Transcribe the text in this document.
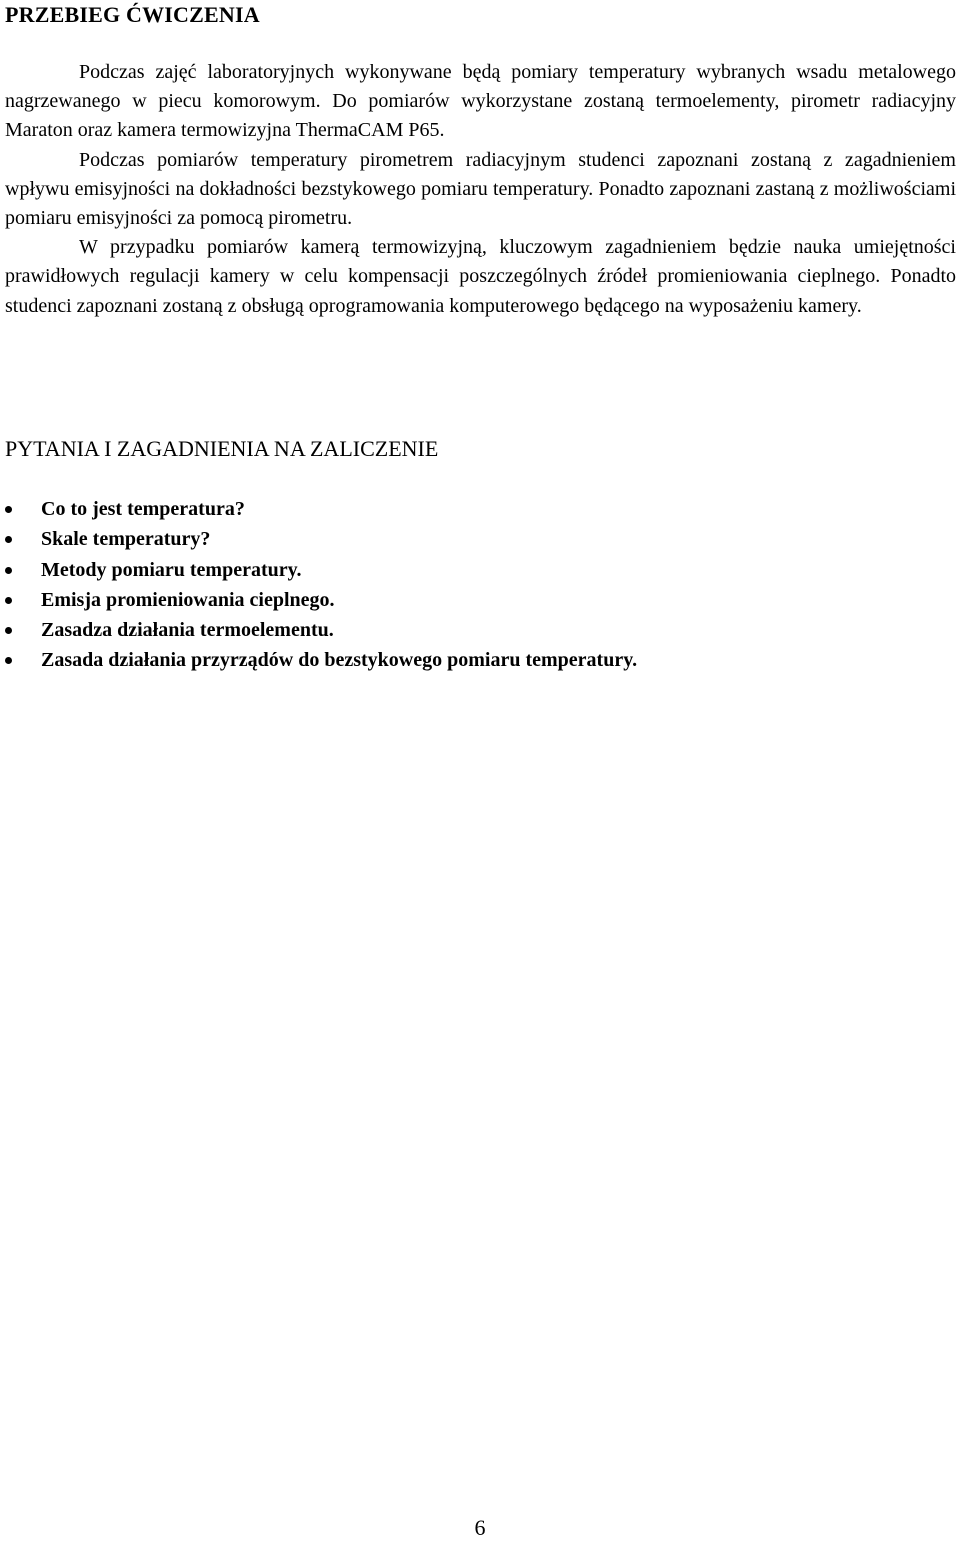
PRZEBIEG ĆWICZENIA

Podczas zajęć laboratoryjnych wykonywane będą pomiary temperatury wybranych wsadu metalowego nagrzewanego w piecu komorowym. Do pomiarów wykorzystane zostaną termoelementy, pirometr radiacyjny Maraton oraz kamera termowizyjna ThermaCAM P65.

Podczas pomiarów temperatury pirometrem radiacyjnym studenci zapoznani zostaną z zagadnieniem wpływu emisyjności na dokładności bezstykowego pomiaru temperatury. Ponadto zapoznani zastaną z możliwościami pomiaru emisyjności za pomocą pirometru.

W przypadku pomiarów kamerą termowizyjną, kluczowym zagadnieniem będzie nauka umiejętności prawidłowych regulacji kamery w celu kompensacji poszczególnych źródeł promieniowania cieplnego. Ponadto studenci zapoznani zostaną z obsługą oprogramowania komputerowego będącego na wyposażeniu kamery.

PYTANIA I ZAGADNIENIA NA ZALICZENIE
Co to jest temperatura?
Skale temperatury?
Metody pomiaru temperatury.
Emisja promieniowania cieplnego.
Zasadza działania termoelementu.
Zasada działania przyrządów do bezstykowego pomiaru temperatury.
6
